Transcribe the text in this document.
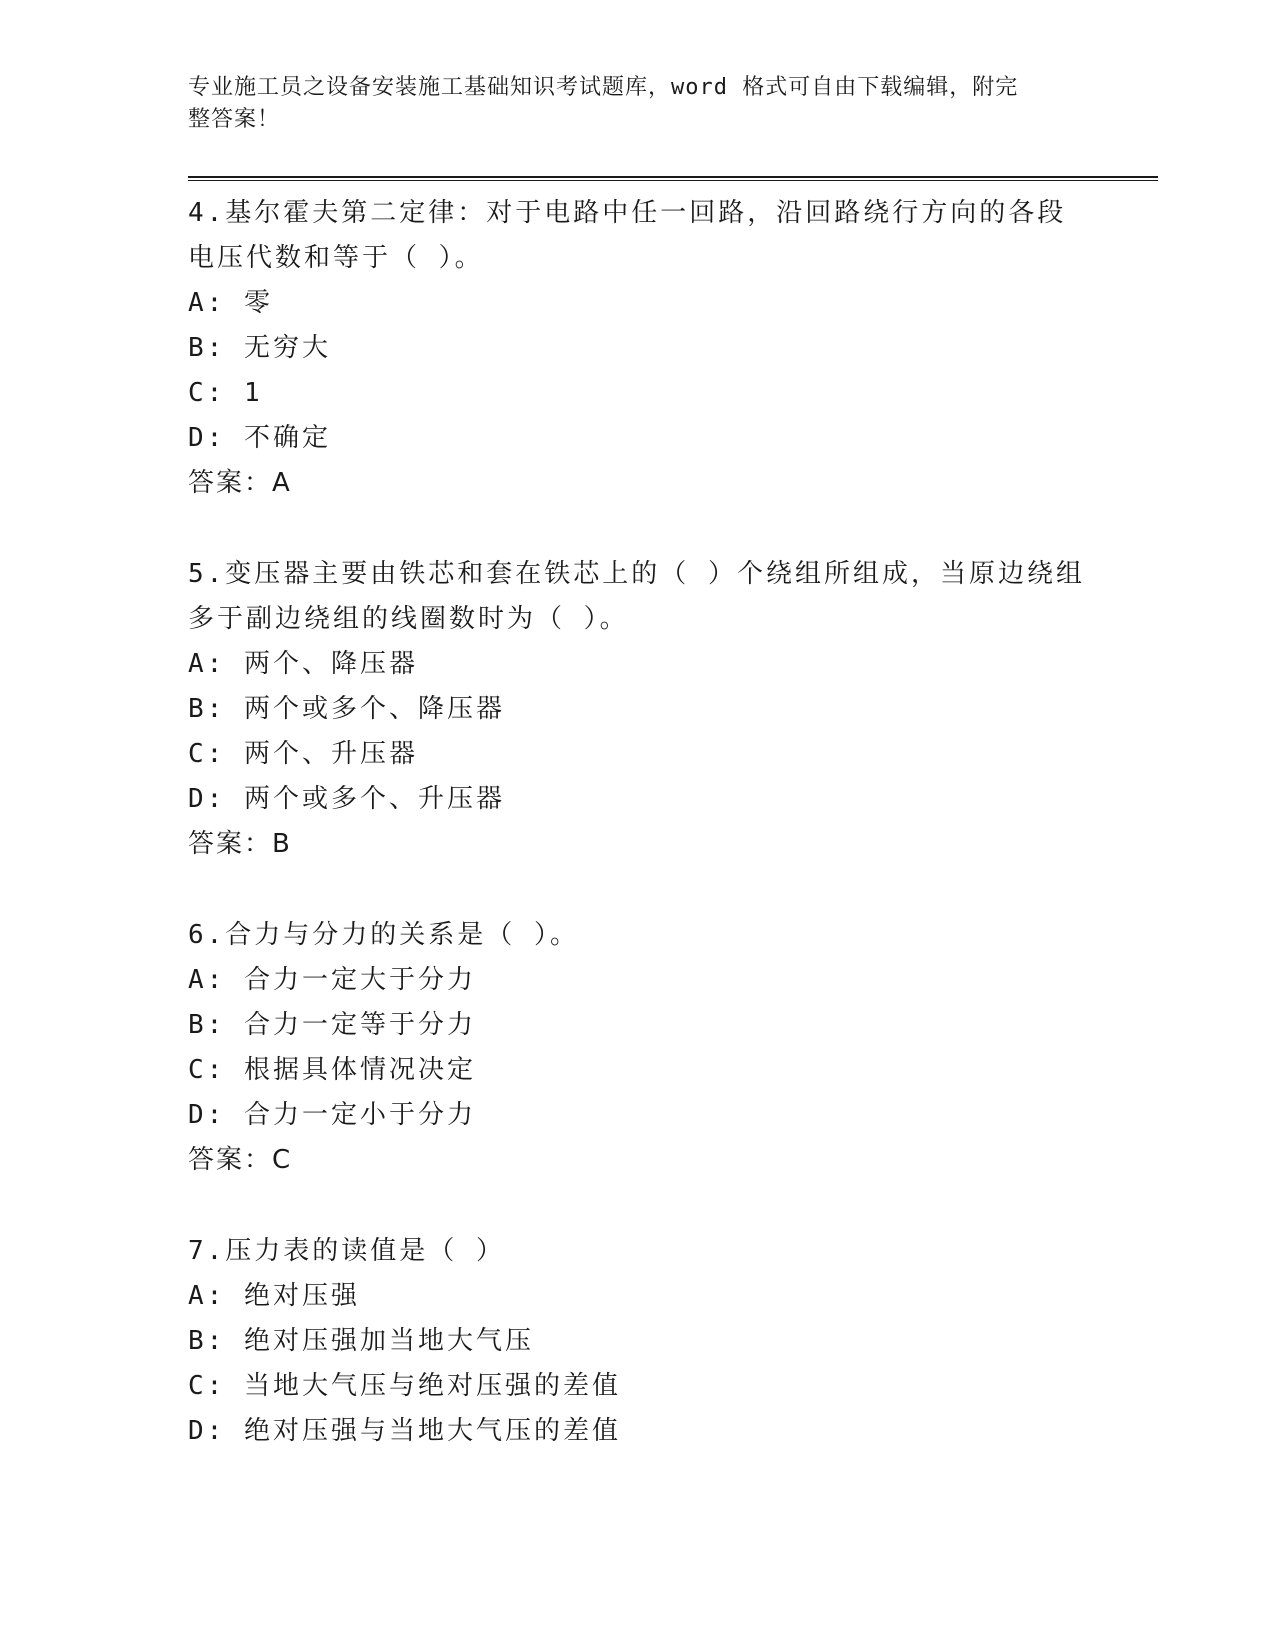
专业施工员之设备安装施工基础知识考试题库，word 格式可自由下载编辑，附完
整答案！

4.基尔霍夫第二定律：对于电路中任一回路，沿回路绕行方向的各段

电压代数和等于（ ）。

A: 零

B: 无穷大

C: 1

D: 不确定

答案：A

5.变压器主要由铁芯和套在铁芯上的（ ）个绕组所组成，当原边绕组

多于副边绕组的线圈数时为（ ）。

A: 两个、降压器

B: 两个或多个、降压器

C: 两个、升压器

D: 两个或多个、升压器

答案：B

6.合力与分力的关系是（ ）。

A: 合力一定大于分力

B: 合力一定等于分力

C: 根据具体情况决定

D: 合力一定小于分力

答案：C

7.压力表的读值是（ ）

A: 绝对压强

B: 绝对压强加当地大气压

C: 当地大气压与绝对压强的差值

D: 绝对压强与当地大气压的差值
